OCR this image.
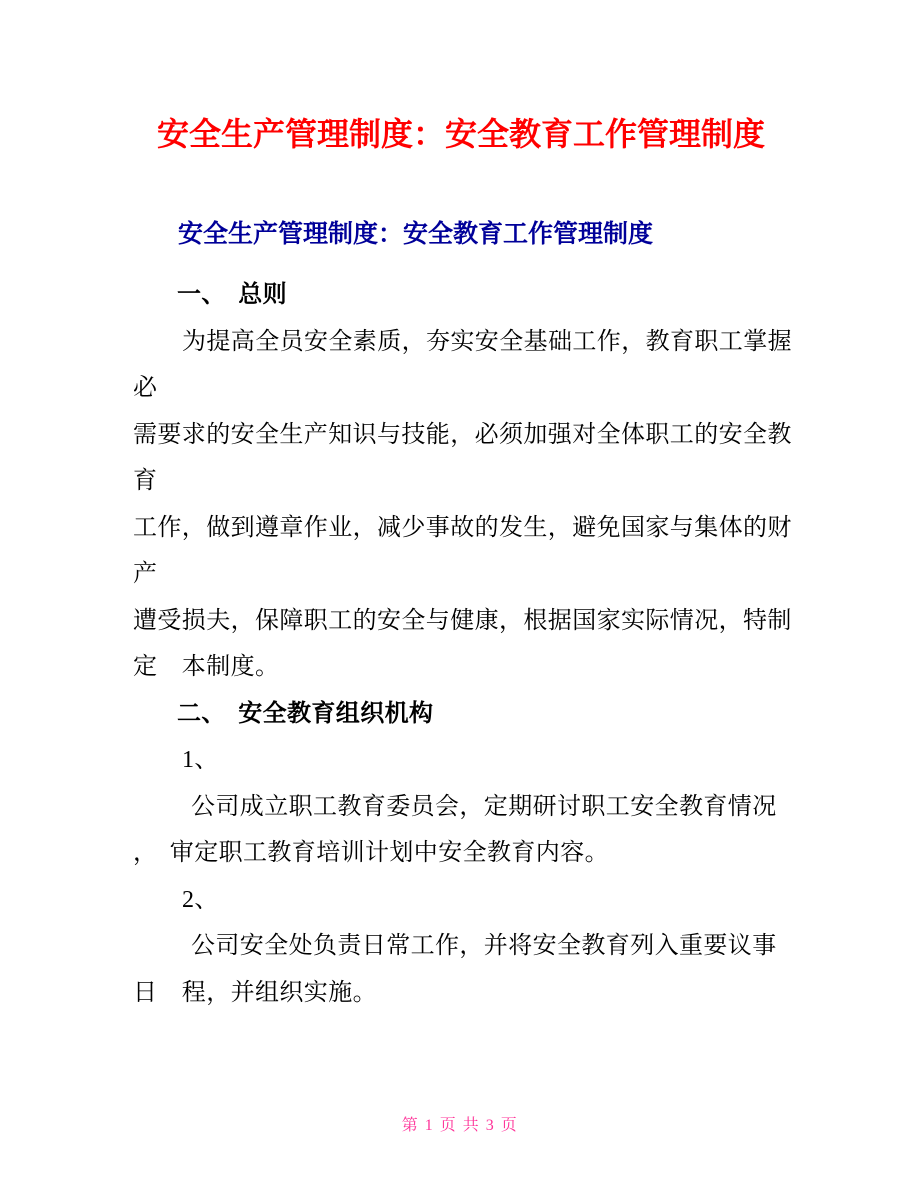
安全生产管理制度：安全教育工作管理制度
安全生产管理制度：安全教育工作管理制度
一、　总则
为提高全员安全素质，夯实安全基础工作，教育职工掌握
必
需要求的安全生产知识与技能，必须加强对全体职工的安全教
育
工作，做到遵章作业，减少事故的发生，避免国家与集体的财
产
遭受损夫，保障职工的安全与健康，根据国家实际情况，特制
定　本制度。
二、　安全教育组织机构
1、
公司成立职工教育委员会，定期研讨职工安全教育情况
，　审定职工教育培训计划中安全教育内容。
2、
公司安全处负责日常工作，并将安全教育列入重要议事
日　程，并组织实施。
第 1 页 共 3 页
